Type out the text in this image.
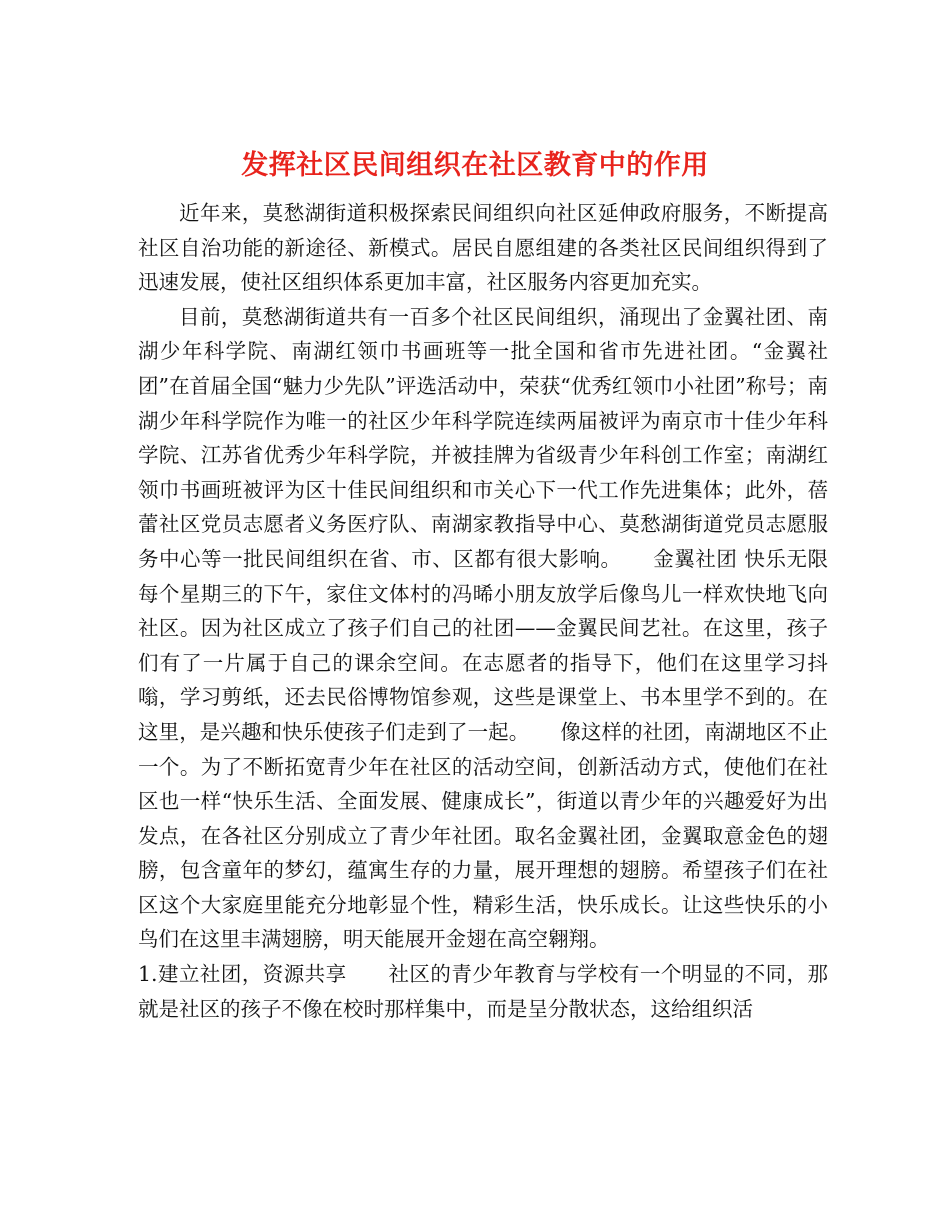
发挥社区民间组织在社区教育中的作用

近年来，莫愁湖街道积极探索民间组织向社区延伸政府服务，不断提高社区自治功能的新途径、新模式。居民自愿组建的各类社区民间组织得到了迅速发展，使社区组织体系更加丰富，社区服务内容更加充实。

目前，莫愁湖街道共有一百多个社区民间组织，涌现出了金翼社团、南湖少年科学院、南湖红领巾书画班等一批全国和省市先进社团。“金翼社团”在首届全国“魅力少先队”评选活动中，荣获“优秀红领巾小社团”称号；南湖少年科学院作为唯一的社区少年科学院连续两届被评为南京市十佳少年科学院、江苏省优秀少年科学院，并被挂牌为省级青少年科创工作室；南湖红领巾书画班被评为区十佳民间组织和市关心下一代工作先进集体；此外，蓓蕾社区党员志愿者义务医疗队、南湖家教指导中心、莫愁湖街道党员志愿服务中心等一批民间组织在省、市、区都有很大影响。　　金翼社团 快乐无限　　每个星期三的下午，家住文体村的冯晞小朋友放学后像鸟儿一样欢快地飞向社区。因为社区成立了孩子们自己的社团——金翼民间艺社。在这里，孩子们有了一片属于自己的课余空间。在志愿者的指导下，他们在这里学习抖嗡，学习剪纸，还去民俗博物馆参观，这些是课堂上、书本里学不到的。在这里，是兴趣和快乐使孩子们走到了一起。　　像这样的社团，南湖地区不止一个。为了不断拓宽青少年在社区的活动空间，创新活动方式，使他们在社区也一样“快乐生活、全面发展、健康成长”，街道以青少年的兴趣爱好为出发点，在各社区分别成立了青少年社团。取名金翼社团，金翼取意金色的翅膀，包含童年的梦幻，蕴寓生存的力量，展开理想的翅膀。希望孩子们在社区这个大家庭里能充分地彰显个性，精彩生活，快乐成长。让这些快乐的小鸟们在这里丰满翅膀，明天能展开金翅在高空翱翔。

1.建立社团，资源共享　　社区的青少年教育与学校有一个明显的不同，那就是社区的孩子不像在校时那样集中，而是呈分散状态，这给组织活
